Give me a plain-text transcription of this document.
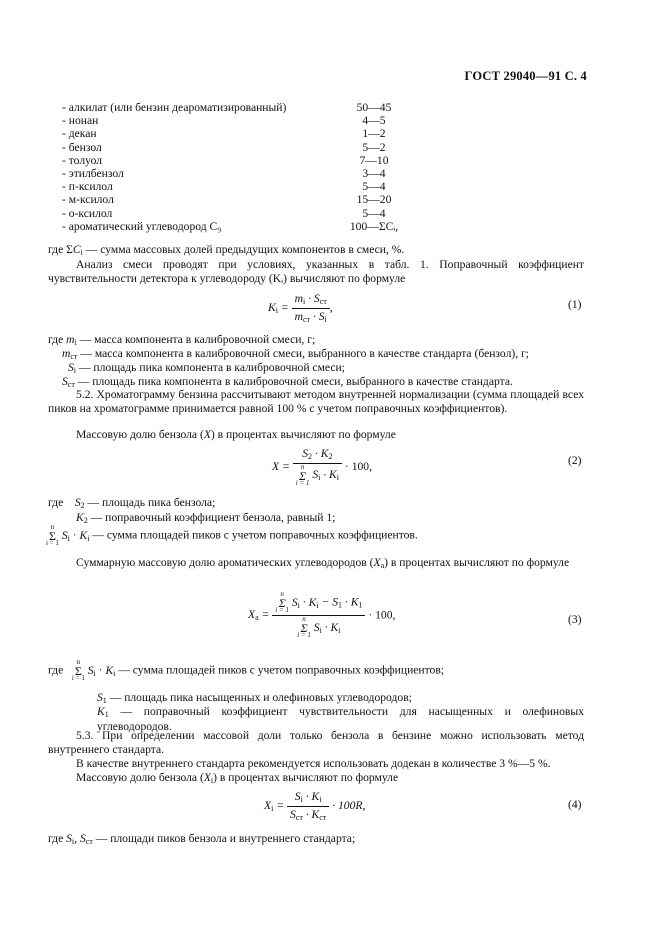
ГОСТ 29040—91 С. 4
- алкилат (или бензин деароматизированный)	50—45
- нонан	4—5
- декан	1—2
- бензол	5—2
- толуол	7—10
- этилбензол	3—4
- п-ксилол	5—4
- м-ксилол	15—20
- о-ксилол	5—4
- ароматический углеводород С₉	100—ΣCᵢ,
где $\Sigma C_i$ — сумма массовых долей предыдущих компонентов в смеси, %.
Анализ смеси проводят при условиях, указанных в табл. 1. Поправочный коэффициент чувствительности детектора к углеводороду (Kᵢ) вычисляют по формуле
$K_i = \frac{m_i \cdot S_{ст}}{m_{ст} \cdot S_i}$ ,	(1)
где $m_i$ — масса компонента в калибровочной смеси, г;
$m_{ст}$ — масса компонента в калибровочной смеси, выбранного в качестве стандарта (бензол), г;
$S_i$ — площадь пика компонента в калибровочной смеси;
$S_{ст}$ — площадь пика компонента в калибровочной смеси, выбранного в качестве стандарта.
5.2. Хроматограмму бензина рассчитывают методом внутренней нормализации (сумма площадей всех пиков на хроматограмме принимается равной 100 % с учетом поправочных коэффициентов).
Массовую долю бензола (X) в процентах вычисляют по формуле
$X = S_2 \cdot K_2$
n
Σ
i = 1
$S_i \cdot K_i \cdot 100$,	(2)
где    $S_2$ — площадь пика бензола;
$K_2$ — поправочный коэффициент бензола, равный 1;
n
Σ
i = 1
$S_i \cdot K_i$ — сумма площадей пиков с учетом поправочных коэффициентов.
Суммарную массовую долю ароматических углеводородов $(X_a)$ в процентах вычисляют по формуле
$X_a = n$
Σ
i = 1
$S_i \cdot K_i - S_1 \cdot K_1$
n
Σ
i = 1
$S_i \cdot K_i \cdot 100$,	(3)
где
n
Σ
i = 1
$S_i \cdot K_i$ — сумма площадей пиков с учетом поправочных коэффициентов;
$S_1$ — площадь пика насыщенных и олефиновых углеводородов;
$K_1$ — поправочный коэффициент чувствительности для насыщенных и олефиновых углеводородов.
5.3. При определении массовой доли только бензола в бензине можно использовать метод внутреннего стандарта.
В качестве внутреннего стандарта рекомендуется использовать додекан в количестве 3 %—5 %.
Массовую долю бензола $(X_i)$ в процентах вычисляют по формуле
$X_i = \frac{S_i \cdot K_i}{S_{ст} \cdot K_{ст}} \cdot 100R$,	(4)
где $S_i$, $S_{ст}$ — площади пиков бензола и внутреннего стандарта;
